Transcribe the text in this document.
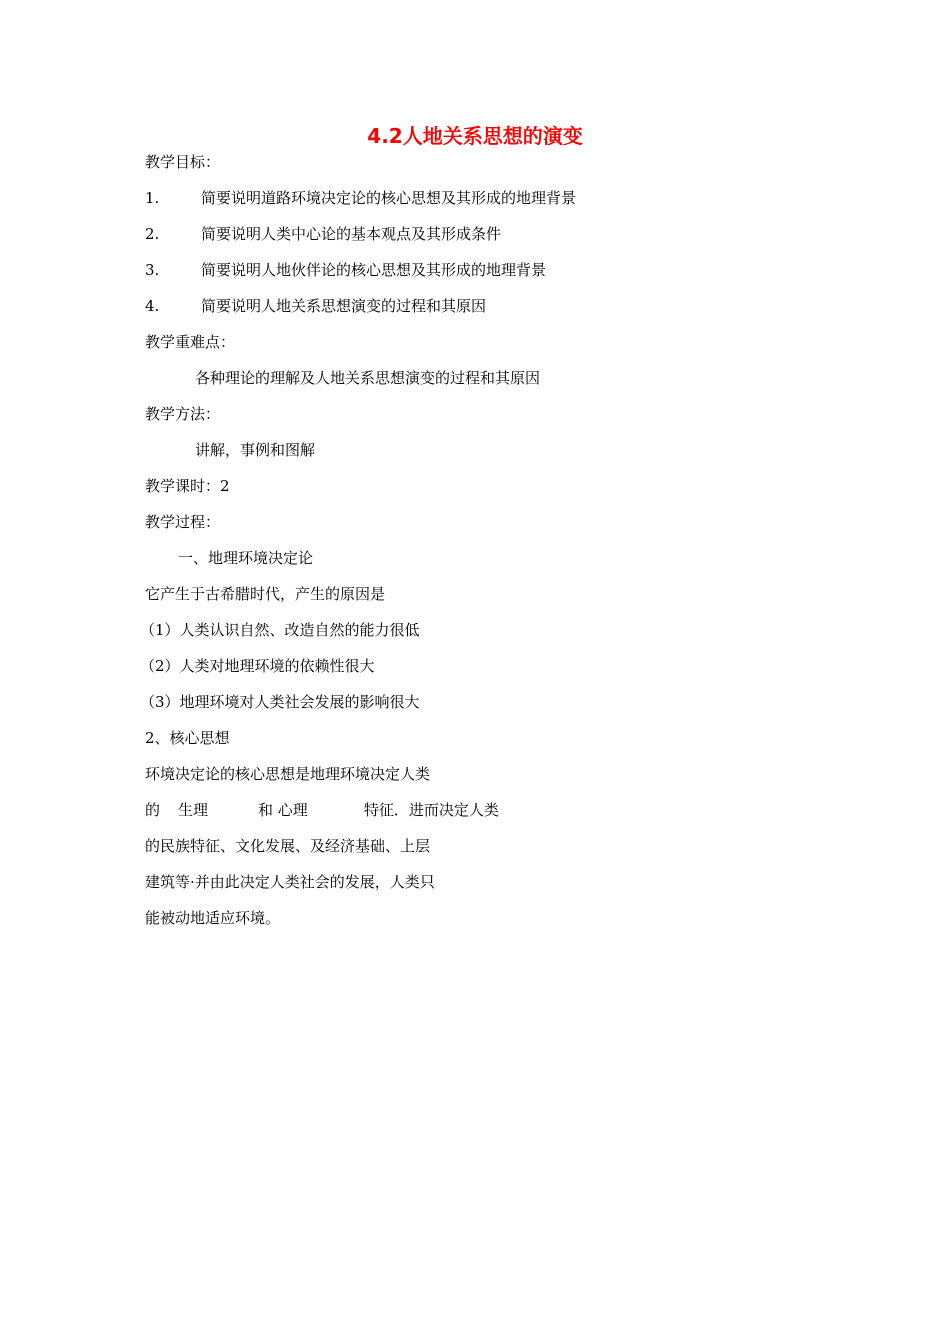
4.2人地关系思想的演变
教学目标：
1.	简要说明道路环境决定论的核心思想及其形成的地理背景
2.	简要说明人类中心论的基本观点及其形成条件
3.	简要说明人地伙伴论的核心思想及其形成的地理背景
4.	简要说明人地关系思想演变的过程和其原因
教学重难点：
各种理论的理解及人地关系思想演变的过程和其原因
教学方法：
讲解，事例和图解
教学课时：2
教学过程：
一、地理环境决定论
它产生于古希腊时代，产生的原因是
（1）人类认识自然、改造自然的能力很低
（2）人类对地理环境的依赖性很大
（3）地理环境对人类社会发展的影响很大
2、核心思想
环境决定论的核心思想是地理环境决定人类
的 生理	和 心理	特征．进而决定人类
的民族特征、文化发展、及经济基础、上层
建筑等·并由此决定人类社会的发展，人类只
能被动地适应环境。
